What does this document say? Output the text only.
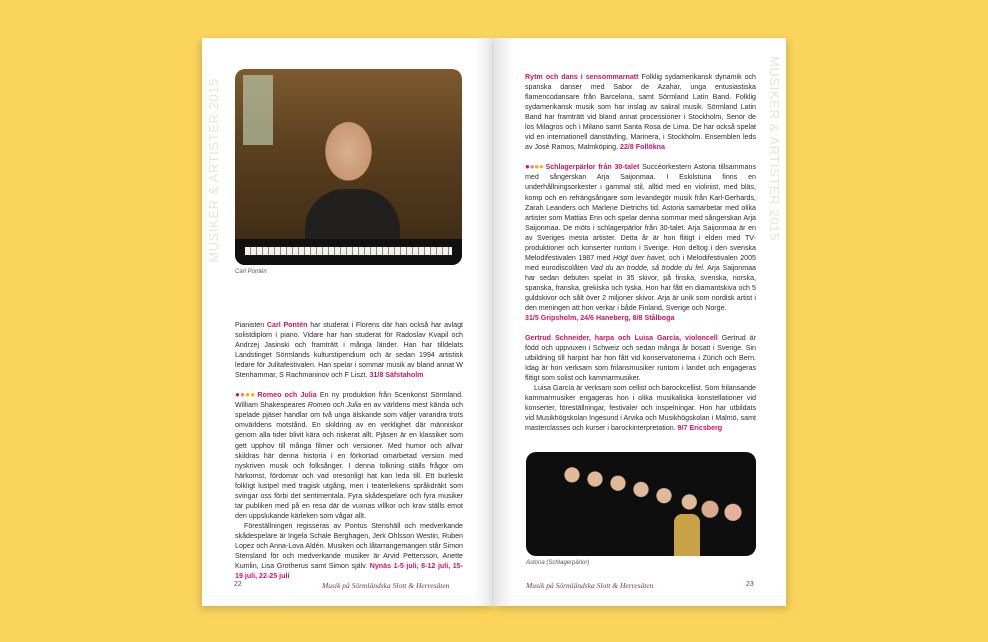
MUSIKER & ARTISTER 2015
Carl Pontén

Pianisten Carl Pontén har studerat i Florens där han också har avlagt solistdiplom i piano. Vidare har han studerat för Radoslav Kvapil och Andrzej Jasinski och framträtt i många länder. Han har tilldelats Landstinget Sörmlands kulturstipendium och är sedan 1994 artistisk ledare för Julitafestivalen. Han spelar i sommar musik av bland annat W Stenhammar, S Rachmaninov och F Liszt. 31/8 Säfstaholm

●●●● Romeo och Julia En ny produktion från Scenkonst Sörmland. William Shakespeares Romeo och Julia en av världens mest kända och spelade pjäser handlar om två unga älskande som väljer varandra trots omvärldens motstånd. En skildring av en verklighet där människor genom alla tider blivit kära och riskerat allt. Pjäsen är en klassiker som gett upphov till många filmer och versioner. Med humor och allvar skildras här denna historia i en förkortad omarbetad version med nyskriven musik och folksånger. I denna tolkning ställs frågor om härkomst, fördomar och vad oresonligt hat kan leda till. Ett burleskt folkligt lustpel med tragisk utgång, men i teaterlekens språkdräkt som svingar oss förbi det sentimentala. Fyra skådespelare och fyra musiker tar publiken med på en resa där de vuxnas villkor och krav ställs emot den uppslukande kärleken som vågar allt.

Föreställningen regisseras av Pontus Stenshäll och medverkande skådespelare är Ingela Schale Berghagen, Jerk Ohlsson Westin, Ruben Lopez och Anna-Lova Aldén. Musiken och låtarrangemangen står Simon Stensland för och medverkande musiker är Arvid Pettersson, Anette Kumlin, Lisa Grotherus samt Simon själv. Nynäs 1-5 juli, 8-12 juli, 15-19 juli, 22-25 juli

22	Musik på Sörmländska Slott & Herresäten
MUSIKER & ARTISTER 2015

Rytm och dans i sensommarnatt Folklig sydamerikansk dynamik och spanska danser med Sabor de Azahar, unga entusiastiska flamencodansare från Barcelona, samt Sörmland Latin Band. Folklig sydamerikansk musik som har inslag av sakral musik. Sörmland Latin Band har framträtt vid bland annat processioner i Stockholm, Senor de los Milagros och i Milano samt Santa Rosa de Lima. De har också spelat vid en internationell danstävling, Marinera, i Stockholm. Ensemblen leds av José Ramos, Malmköping. 22/8 Follökna

●●●● Schlagerpärlor från 30-talet Succéorkestern Astoria tillsammans med sångerskan Arja Saijonmaa. I Eskilstuna finns en underhållningsorkester i gammal stil, alltid med en violinist, med bläs, komp och en refrängsångare som levandegör musik från Karl-Gerhards, Zarah Leanders och Marlene Dietrichs tid. Astoria samarbetar med olika artister som Mattias Enn och spelar denna sommar med sångerskan Arja Saijonmaa. De möts i schlagerpärlor från 30-talet. Arja Saijonmaa är en av Sveriges mesta artister. Detta år är hon flitigt i elden med TV-produktioner och konserter runtom i Sverige. Hon deltog i den svenska Melodifestivalen 1987 med Högt över havet, och i Melodifestivalen 2005 med eurodiscolåten Vad du än trodde, så trodde du fel. Arja Saijonmaa har sedan debuten spelat in 35 skivor, på finska, svenska, norska, spanska, franska, grekiska och tyska. Hon har fått en diamantskiva och 5 guldskivor och sålt över 2 miljoner skivor. Arja är unik som nordisk artist i den meningen att hon verkar i både Finland, Sverige och Norge.
31/5 Gripsholm, 24/6 Haneberg, 8/8 Stålboga

Gertrud Schneider, harpa och Luisa García, violoncell Gertrud är född och uppvuxen i Schweiz och sedan många år bosatt i Sverige. Sin utbildning till harpist har hon fått vid konservatorierna i Zürich och Bern. Idag är hon verksam som frilansmusiker runtom i landet och engageras flitigt som solist och kammarmusiker.

Luisa García är verksam som cellist och barockcellist. Som frilansande kammarmusiker engageras hon i olika musikaliska konstellationer vid konserter, föreställningar, festivaler och inspelningar. Hon har utbildats vid Musikhögskolan Ingesund i Arvika och Musikhögskolan i Malmö, samt masterclasses och kurser i barockinterpretation. 9/7 Ericsberg

Astoria (Schlagerpärlor)
Musik på Sörmländska Slott & Herresäten	23
